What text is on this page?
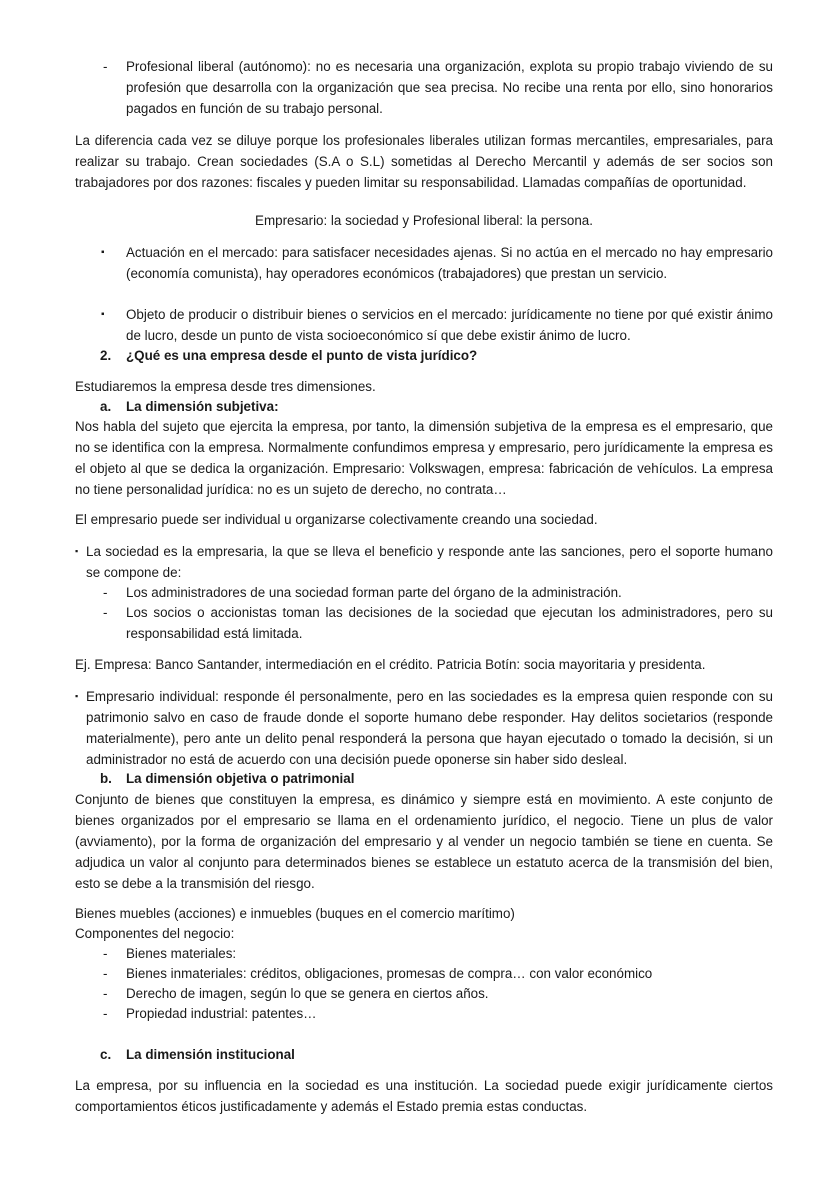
-	Profesional liberal (autónomo): no es necesaria una organización, explota su propio trabajo viviendo de su profesión que desarrolla con la organización que sea precisa. No recibe una renta por ello, sino honorarios pagados en función de su trabajo personal.
La diferencia cada vez se diluye porque los profesionales liberales utilizan formas mercantiles, empresariales, para realizar su trabajo. Crean sociedades (S.A o S.L) sometidas al Derecho Mercantil y además de ser socios son trabajadores por dos razones: fiscales y pueden limitar su responsabilidad. Llamadas compañías de oportunidad.
Empresario: la sociedad y Profesional liberal: la persona.
▪	Actuación en el mercado: para satisfacer necesidades ajenas. Si no actúa en el mercado no hay empresario (economía comunista), hay operadores económicos (trabajadores) que prestan un servicio.
▪	Objeto de producir o distribuir bienes o servicios en el mercado: jurídicamente no tiene por qué existir ánimo de lucro, desde un punto de vista socioeconómico sí que debe existir ánimo de lucro.
2. ¿Qué es una empresa desde el punto de vista jurídico?
Estudiaremos la empresa desde tres dimensiones.
a. La dimensión subjetiva:
Nos habla del sujeto que ejercita la empresa, por tanto, la dimensión subjetiva de la empresa es el empresario, que no se identifica con la empresa. Normalmente confundimos empresa y empresario, pero jurídicamente la empresa es el objeto al que se dedica la organización. Empresario: Volkswagen, empresa: fabricación de vehículos. La empresa no tiene personalidad jurídica: no es un sujeto de derecho, no contrata…
El empresario puede ser individual u organizarse colectivamente creando una sociedad.
▪ La sociedad es la empresaria, la que se lleva el beneficio y responde ante las sanciones, pero el soporte humano se compone de:
-	Los administradores de una sociedad forman parte del órgano de la administración.
-	Los socios o accionistas toman las decisiones de la sociedad que ejecutan los administradores, pero su responsabilidad está limitada.
Ej. Empresa: Banco Santander, intermediación en el crédito. Patricia Botín: socia mayoritaria y presidenta.
▪ Empresario individual: responde él personalmente, pero en las sociedades es la empresa quien responde con su patrimonio salvo en caso de fraude donde el soporte humano debe responder. Hay delitos societarios (responde materialmente), pero ante un delito penal responderá la persona que hayan ejecutado o tomado la decisión, si un administrador no está de acuerdo con una decisión puede oponerse sin haber sido desleal.
b. La dimensión objetiva o patrimonial
Conjunto de bienes que constituyen la empresa, es dinámico y siempre está en movimiento. A este conjunto de bienes organizados por el empresario se llama en el ordenamiento jurídico, el negocio. Tiene un plus de valor (avviamento), por la forma de organización del empresario y al vender un negocio también se tiene en cuenta. Se adjudica un valor al conjunto para determinados bienes se establece un estatuto acerca de la transmisión del bien, esto se debe a la transmisión del riesgo.
Bienes muebles (acciones) e inmuebles (buques en el comercio marítimo)
Componentes del negocio:
-	Bienes materiales:
-	Bienes inmateriales: créditos, obligaciones, promesas de compra… con valor económico
-	Derecho de imagen, según lo que se genera en ciertos años.
-	Propiedad industrial: patentes…
c. La dimensión institucional
La empresa, por su influencia en la sociedad es una institución. La sociedad puede exigir jurídicamente ciertos comportamientos éticos justificadamente y además el Estado premia estas conductas.
